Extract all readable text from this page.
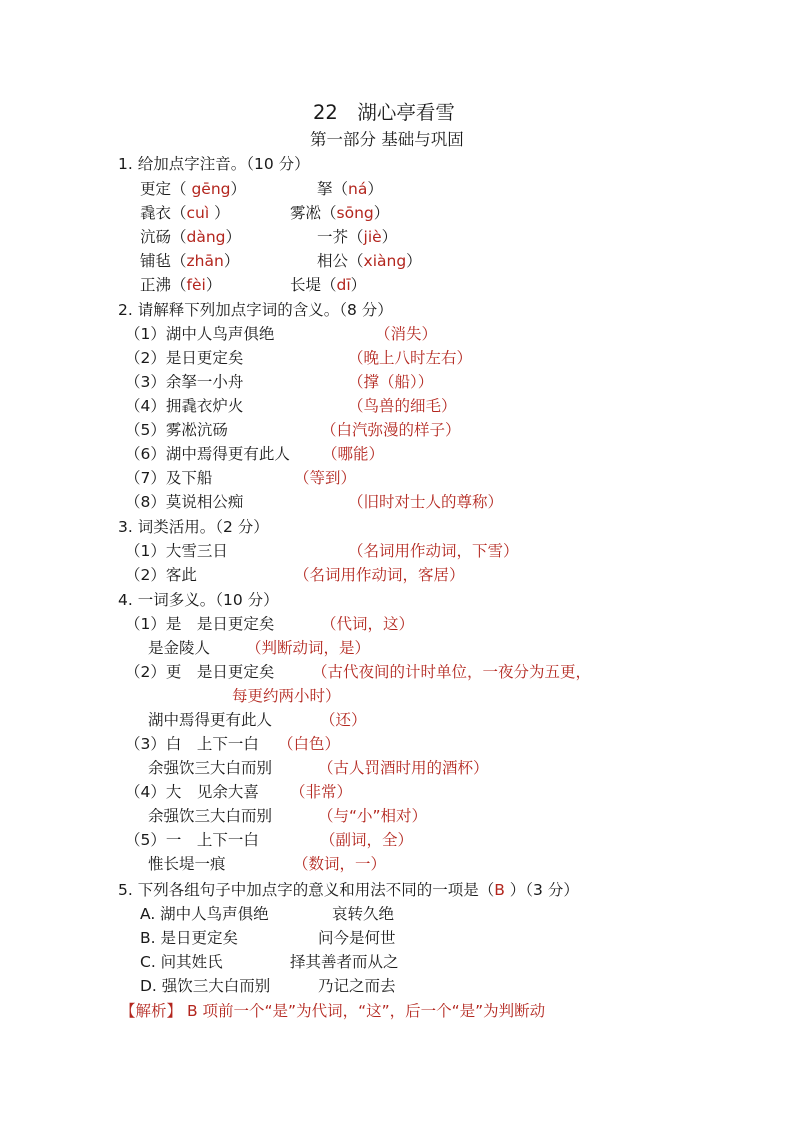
22　湖心亭看雪
第一部分 基础与巩固
1. 给加点字注音。（10 分）
更定（ gēng）	拏（ná）
毳衣（cuì ）	雾凇（sōng）
沆砀（dàng）	一芥（jiè）
铺毡（zhān）	相公（xiàng）
正沸（fèi）	长堤（dī）
2. 请解释下列加点字词的含义。（8 分）
（1）湖中人鸟声俱绝	（消失）
（2）是日更定矣	（晚上八时左右）
（3）余拏一小舟	（撑（船））
（4）拥毳衣炉火	（鸟兽的细毛）
（5）雾凇沆砀	（白汽弥漫的样子）
（6）湖中焉得更有此人 （哪能）
（7）及下船	（等到）
（8）莫说相公痴	（旧时对士人的尊称）
3. 词类活用。（2 分）
（1）大雪三日	（名词用作动词，下雪）
（2）客此	（名词用作动词，客居）
4. 一词多义。（10 分）
（1）是　是日更定矣	（代词，这）
是金陵人 （判断动词，是）
（2）更　是日更定矣 （古代夜间的计时单位，一夜分为五更，
每更约两小时）
湖中焉得更有此人	（还）
（3）白　上下一白 （白色）
余强饮三大白而别	（古人罚酒时用的酒杯）
（4）大　见余大喜 （非常）
余强饮三大白而别	（与“小”相对）
（5）一　上下一白	（副词，全）
惟长堤一痕	（数词，一）
5. 下列各组句子中加点字的意义和用法不同的一项是（B ）（3 分）
A. 湖中人鸟声俱绝	哀转久绝
B. 是日更定矣	问今是何世
C. 问其姓氏	择其善者而从之
D. 强饮三大白而别	乃记之而去
【解析】 B 项前一个“是”为代词，“这”，后一个“是”为判断动
